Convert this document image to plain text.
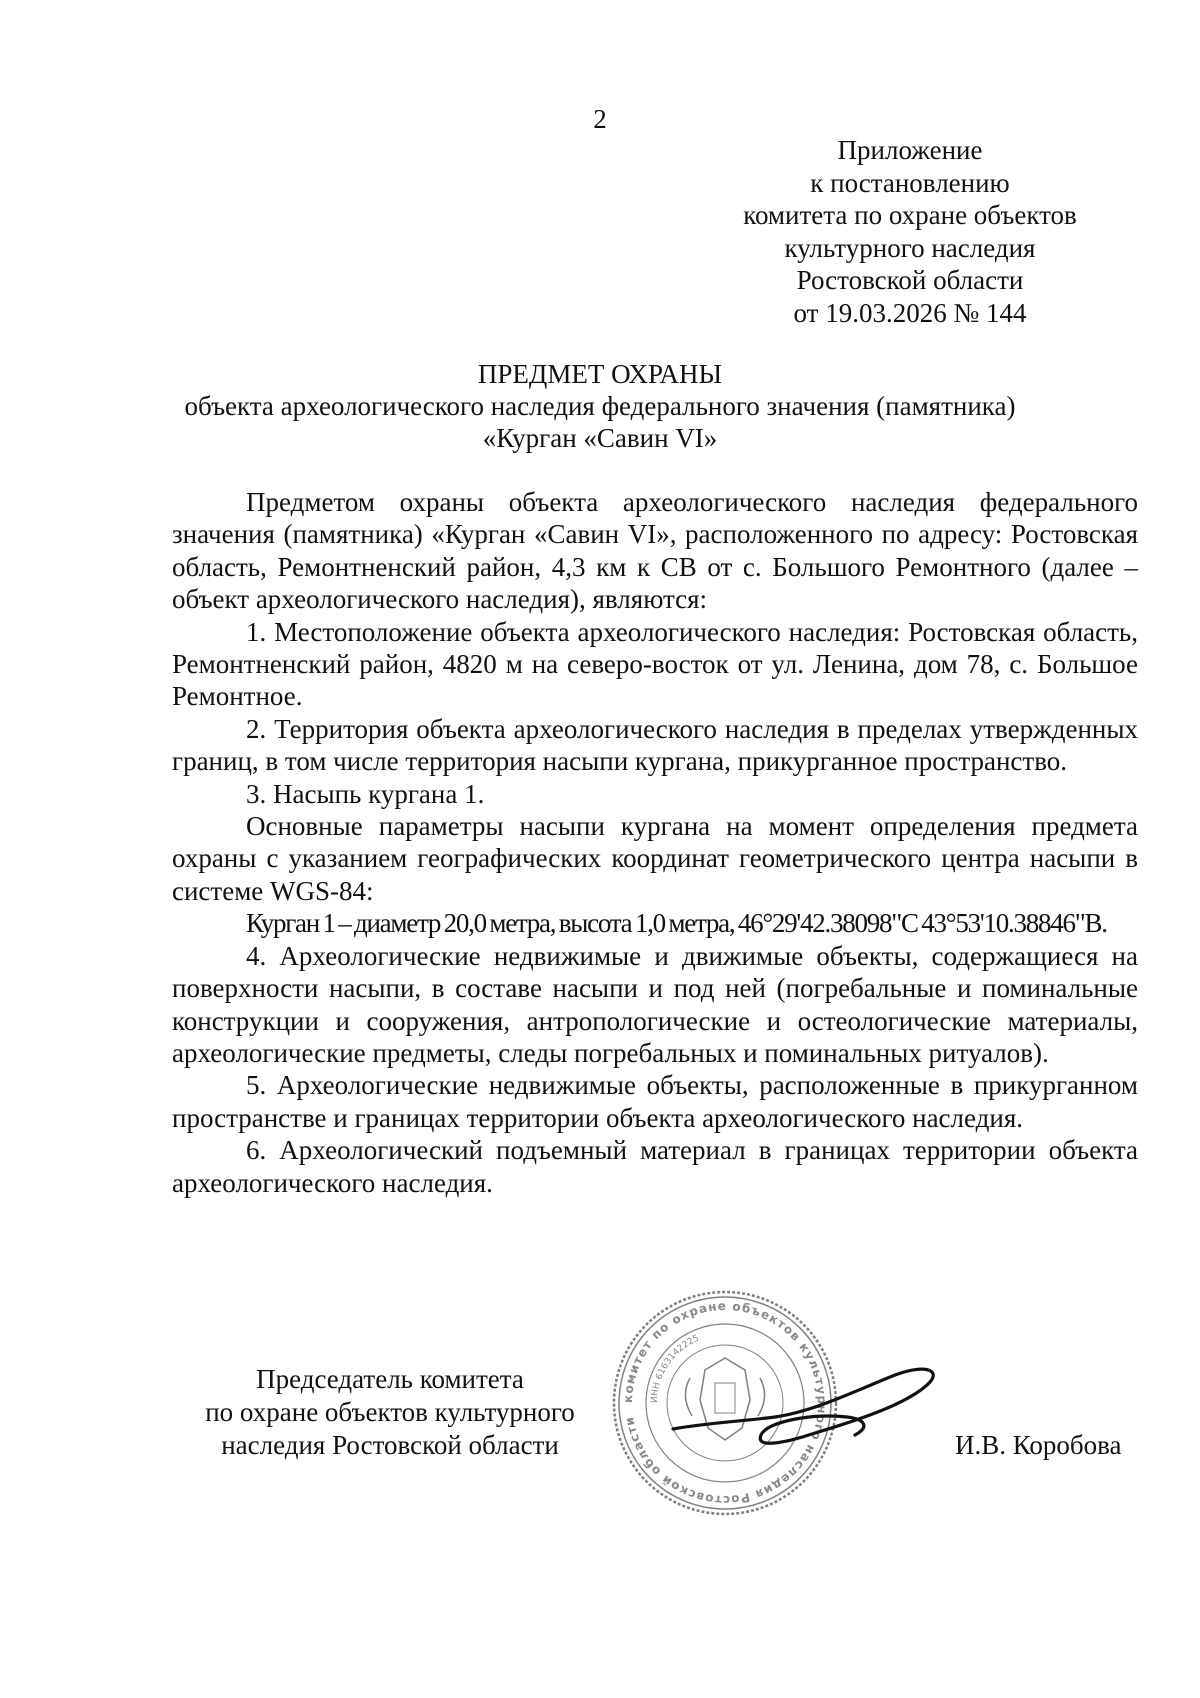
2
Приложение
к постановлению
комитета по охране объектов
культурного наследия
Ростовской области
от 19.03.2026 № 144
ПРЕДМЕТ ОХРАНЫ
объекта археологического наследия федерального значения (памятника)
«Курган «Савин VI»

Предметом охраны объекта археологического наследия федерального значения (памятника) «Курган «Савин VI», расположенного по адресу: Ростовская область, Ремонтненский район, 4,3 км к СВ от с. Большого Ремонтного (далее – объект археологического наследия), являются:

1. Местоположение объекта археологического наследия: Ростовская область, Ремонтненский район, 4820 м на северо-восток от ул. Ленина, дом 78, с. Большое Ремонтное.

2. Территория объекта археологического наследия в пределах утвержденных границ, в том числе территория насыпи кургана, прикурганное пространство.

3. Насыпь кургана 1.

Основные параметры насыпи кургана на момент определения предмета охраны с указанием географических координат геометрического центра насыпи в системе WGS-84:

Курган 1 – диаметр 20,0 метра, высота 1,0 метра, 46°29'42.38098"С 43°53'10.38846"В.

4. Археологические недвижимые и движимые объекты, содержащиеся на поверхности насыпи, в составе насыпи и под ней (погребальные и поминальные конструкции и сооружения, антропологические и остеологические материалы, археологические предметы, следы погребальных и поминальных ритуалов).

5. Археологические недвижимые объекты, расположенные в прикурганном пространстве и границах территории объекта археологического наследия.

6. Археологический подъемный материал в границах территории объекта археологического наследия.

Председатель комитета
по охране объектов культурного
наследия Ростовской области
комитет по охране объектов культурного наследия Ростовской области
ИНН 6163142225
И.В. Коробова
